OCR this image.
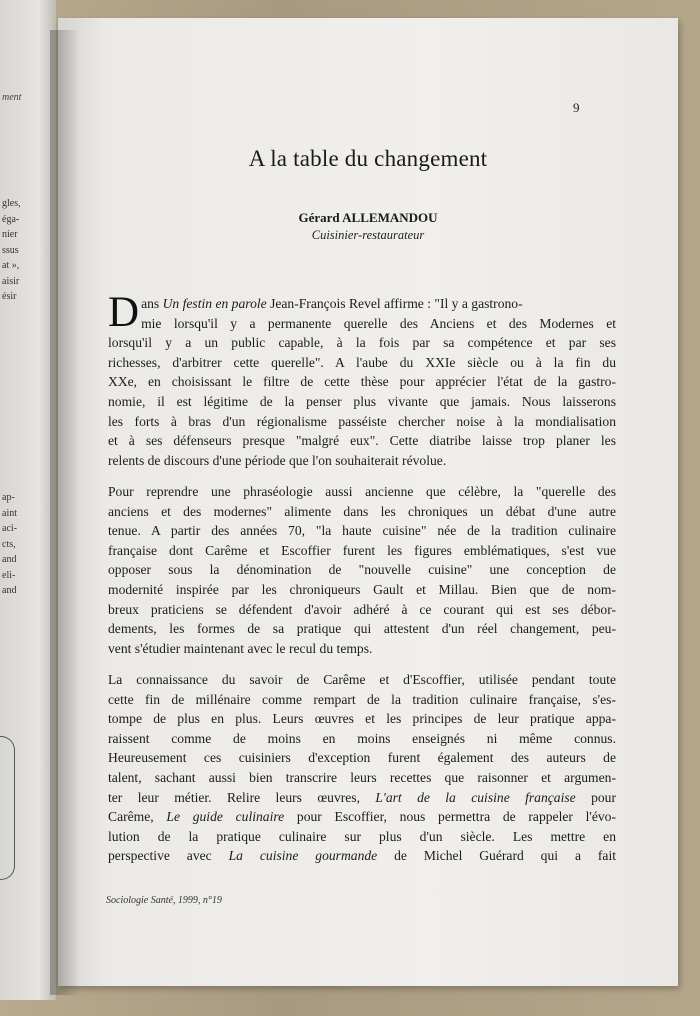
ment
gles,
éga-
nier
ssus
at »,
aisir
ésir
ap-
aint
aci-
cts,
and
eli-
and
9
A la table du changement
Gérard ALLEMANDOU
Cuisinier-restaurateur
D ans Un festin en parole Jean-François Revel affirme : "Il y a gastrono-
mie lorsqu'il y a permanente querelle des Anciens et des Modernes et
lorsqu'il y a un public capable, à la fois par sa compétence et par ses
richesses, d'arbitrer cette querelle". A l'aube du XXIe siècle ou à la fin du
XXe, en choisissant le filtre de cette thèse pour apprécier l'état de la gastro-
nomie, il est légitime de la penser plus vivante que jamais. Nous laisserons
les forts à bras d'un régionalisme passéiste chercher noise à la mondialisation
et à ses défenseurs presque "malgré eux". Cette diatribe laisse trop planer les
relents de discours d'une période que l'on souhaiterait révolue.
Pour reprendre une phraséologie aussi ancienne que célèbre, la "querelle des
anciens et des modernes" alimente dans les chroniques un débat d'une autre
tenue. A partir des années 70, "la haute cuisine" née de la tradition culinaire
française dont Carême et Escoffier furent les figures emblématiques, s'est vue
opposer sous la dénomination de "nouvelle cuisine" une conception de
modernité inspirée par les chroniqueurs Gault et Millau. Bien que de nom-
breux praticiens se défendent d'avoir adhéré à ce courant qui est ses débor-
dements, les formes de sa pratique qui attestent d'un réel changement, peu-
vent s'étudier maintenant avec le recul du temps.
La connaissance du savoir de Carême et d'Escoffier, utilisée pendant toute
cette fin de millénaire comme rempart de la tradition culinaire française, s'es-
tompe de plus en plus. Leurs œuvres et les principes de leur pratique appa-
raissent comme de moins en moins enseignés ni même connus.
Heureusement ces cuisiniers d'exception furent également des auteurs de
talent, sachant aussi bien transcrire leurs recettes que raisonner et argumen-
ter leur métier. Relire leurs œuvres, L'art de la cuisine française pour
Carême, Le guide culinaire pour Escoffier, nous permettra de rappeler l'évo-
lution de la pratique culinaire sur plus d'un siècle. Les mettre en
perspective avec La cuisine gourmande de Michel Guérard qui a fait
Sociologie Santé, 1999, n°19
